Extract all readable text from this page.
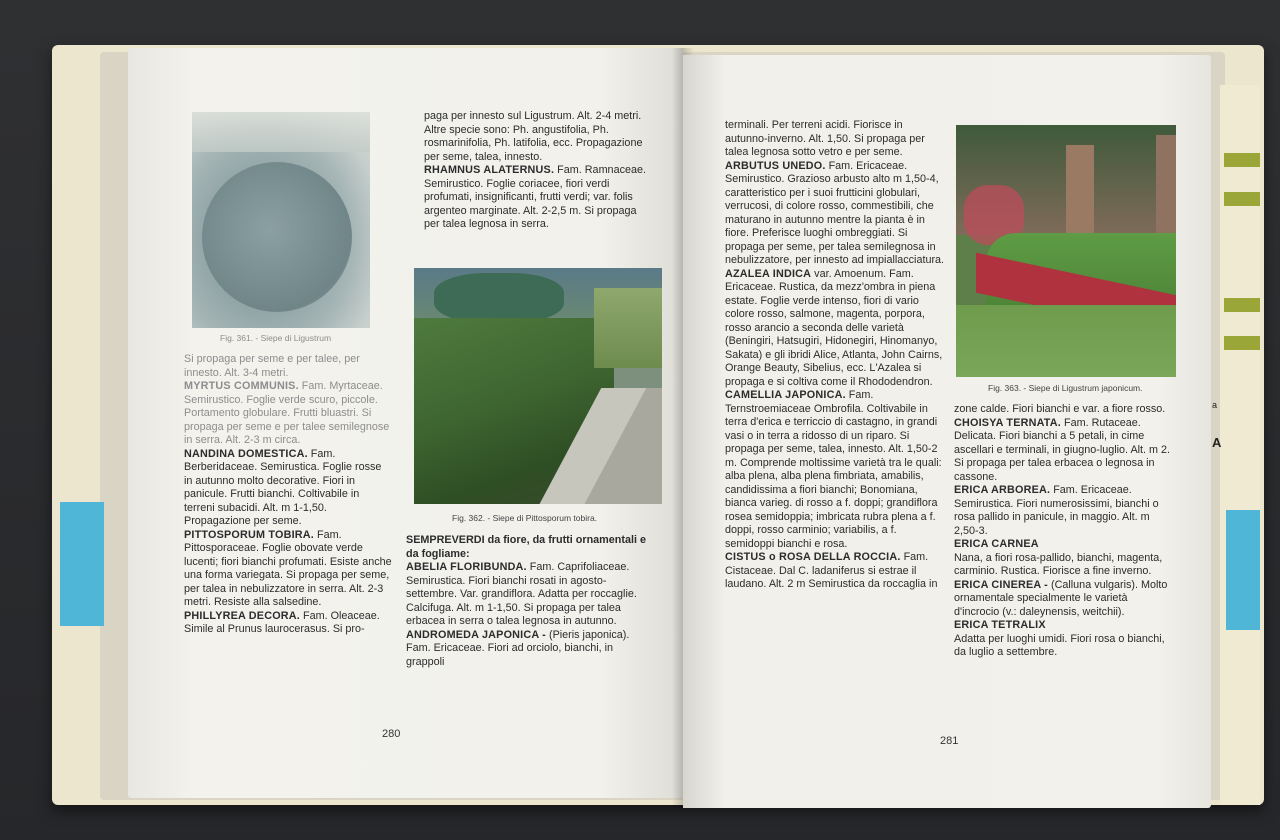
a
A
Fig. 361. - Siepe di Ligustrum

Si propaga per seme e per talee, per innesto. Alt. 3-4 metri.

MYRTUS COMMUNIS. Fam. Myrtaceae. Semirustico. Foglie verde scuro, piccole. Portamento globulare. Frutti bluastri. Si propaga per seme e per talee semilegnose in serra. Alt. 2-3 m circa.

NANDINA DOMESTICA. Fam. Berberidaceae. Semirustica. Foglie rosse in autunno molto decorative. Fiori in panicule. Frutti bianchi. Coltivabile in terreni subacidi. Alt. m 1-1,50. Propagazione per seme.

PITTOSPORUM TOBIRA. Fam. Pittosporaceae. Foglie obovate verde lucenti; fiori bianchi profumati. Esiste anche una forma variegata. Si propaga per seme, per talea in nebulizzatore in serra. Alt. 2-3 metri. Resiste alla salsedine.

PHILLYREA DECORA. Fam. Oleaceae. Simile al Prunus laurocerasus. Si pro-

paga per innesto sul Ligustrum. Alt. 2-4 metri.

Altre specie sono: Ph. angustifolia, Ph. rosmarinifolia, Ph. latifolia, ecc. Propagazione per seme, talea, innesto.

RHAMNUS ALATERNUS. Fam. Ramnaceae. Semirustico. Foglie coriacee, fiori verdi profumati, insignificanti, frutti verdi; var. folis argenteo marginate. Alt. 2-2,5 m. Si propaga per talea legnosa in serra.

Fig. 362. - Siepe di Pittosporum tobira.

SEMPREVERDI da fiore, da frutti ornamentali e da fogliame:

ABELIA FLORIBUNDA. Fam. Caprifoliaceae. Semirustica. Fiori bianchi rosati in agosto-settembre. Var. grandiflora. Adatta per roccaglie. Calcifuga. Alt. m 1-1,50. Si propaga per talea erbacea in serra o talea legnosa in autunno.

ANDROMEDA JAPONICA - (Pieris japonica). Fam. Ericaceae. Fiori ad orciolo, bianchi, in grappoli

280

terminali. Per terreni acidi. Fiorisce in autunno-inverno. Alt. 1,50. Si propaga per talea legnosa sotto vetro e per seme.

ARBUTUS UNEDO. Fam. Ericaceae. Semirustico. Grazioso arbusto alto m 1,50-4, caratteristico per i suoi frutticini globulari, verrucosi, di colore rosso, commestibili, che maturano in autunno mentre la pianta è in fiore. Preferisce luoghi ombreggiati. Si propaga per seme, per talea semilegnosa in nebulizzatore, per innesto ad impiallacciatura.

AZALEA INDICA var. Amoenum. Fam. Ericaceae. Rustica, da mezz'ombra in piena estate. Foglie verde intenso, fiori di vario colore rosso, salmone, magenta, porpora, rosso arancio a seconda delle varietà (Beningiri, Hatsugiri, Hidonegiri, Hinomanyo, Sakata) e gli ibridi Alice, Atlanta, John Cairns, Orange Beauty, Sibelius, ecc. L'Azalea si propaga e si coltiva come il Rhododendron.

CAMELLIA JAPONICA. Fam. Ternstroemiaceae Ombrofila. Coltivabile in terra d'erica e terriccio di castagno, in grandi vasi o in terra a ridosso di un riparo. Si propaga per seme, talea, innesto. Alt. 1,50-2 m. Comprende moltissime varietà tra le quali: alba plena, alba plena fimbriata, amabilis, candidissima a fiori bianchi; Bonomiana, bianca varieg. di rosso a f. doppi; grandiflora rosea semidoppia; imbricata rubra plena a f. doppi, rosso carminio; variabilis, a f. semidoppi bianchi e rosa.

CISTUS o ROSA DELLA ROCCIA. Fam. Cistaceae. Dal C. ladaniferus si estrae il laudano. Alt. 2 m Semirustica da roccaglia in

Fig. 363. - Siepe di Ligustrum japonicum.

zone calde. Fiori bianchi e var. a fiore rosso.

CHOISYA TERNATA. Fam. Rutaceae. Delicata. Fiori bianchi a 5 petali, in cime ascellari e terminali, in giugno-luglio. Alt. m 2. Si propaga per talea erbacea o legnosa in cassone.

ERICA ARBOREA. Fam. Ericaceae. Semirustica. Fiori numerosissimi, bianchi o rosa pallido in panicule, in maggio. Alt. m 2,50-3.

ERICA CARNEA
Nana, a fiori rosa-pallido, bianchi, magenta, carminio. Rustica. Fiorisce a fine inverno.

ERICA CINEREA - (Calluna vulgaris). Molto ornamentale specialmente le varietà d'incrocio (v.: daleynensis, weitchii).

ERICA TETRALIX
Adatta per luoghi umidi. Fiori rosa o bianchi, da luglio a settembre.

281
